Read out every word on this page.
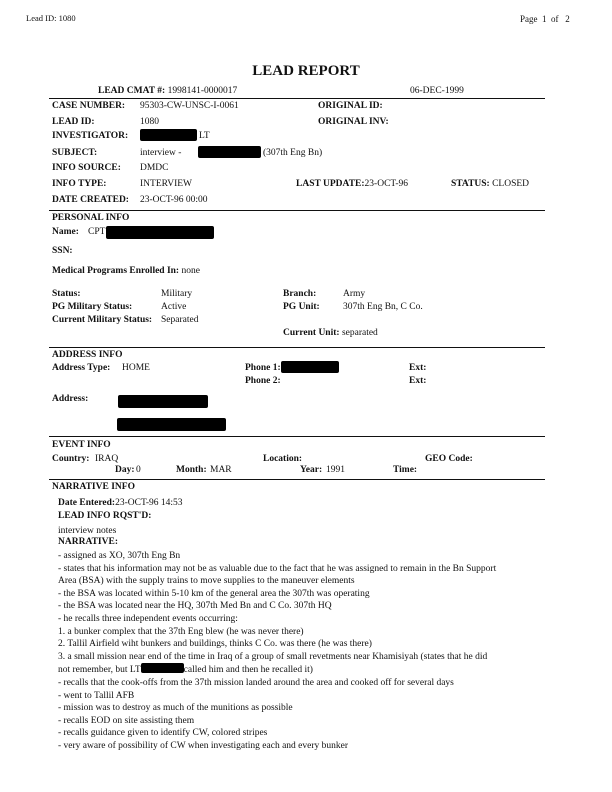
Lead ID: 1080	Page 1 of 2
LEAD REPORT
LEAD CMAT #: 1998141-0000017	06-DEC-1999
CASE NUMBER: 95303-CW-UNSC-I-0061	ORIGINAL ID:
LEAD ID:	1080	ORIGINAL INV:
INVESTIGATOR:	LT
SUBJECT:	interview -	(307th Eng Bn)
INFO SOURCE: DMDC
INFO TYPE:	INTERVIEW	LAST UPDATE:23-OCT-96	STATUS: CLOSED
DATE CREATED: 23-OCT-96 00:00
PERSONAL INFO
Name: CPT
SSN:
Medical Programs Enrolled In: none
Status:	Military	Branch:	Army
PG Military Status:	Active	PG Unit: 307th Eng Bn, C Co.
Current Military Status: Separated
Current Unit: separated
ADDRESS INFO
Address Type: HOME	Phone 1:	Ext:
Phone 2:	Ext:
Address:
EVENT INFO
Country: IRAQ	Location:	GEO Code:
Day: 0	Month: MAR	Year: 1991	Time:
NARRATIVE INFO
Date Entered:23-OCT-96 14:53
LEAD INFO RQST'D:
interview notes
NARRATIVE:
- assigned as XO, 307th Eng Bn
- states that his information may not be as valuable due to the fact that he was assigned to remain in the Bn Support
Area (BSA) with the supply trains to move supplies to the maneuver elements
- the BSA was located within 5-10 km of the general area the 307th was operating
- the BSA was located near the HQ, 307th Med Bn and C Co. 307th HQ
- he recalls three independent events occurring:
1. a bunker complex that the 37th Eng blew (he was never there)
2. Tallil Airfield wiht bunkers and buildings, thinks C Co. was there (he was there)
3. a small mission near end of the time in Iraq of a group of small revetments near Khamisiyah (states that he did
not remember, but LT	called him and then he recalled it)
- recalls that the cook-offs from the 37th mission landed around the area and cooked off for several days
- went to Tallil AFB
- mission was to destroy as much of the munitions as possible
- recalls EOD on site assisting them
- recalls guidance given to identify CW, colored stripes
- very aware of possibility of CW when investigating each and every bunker
